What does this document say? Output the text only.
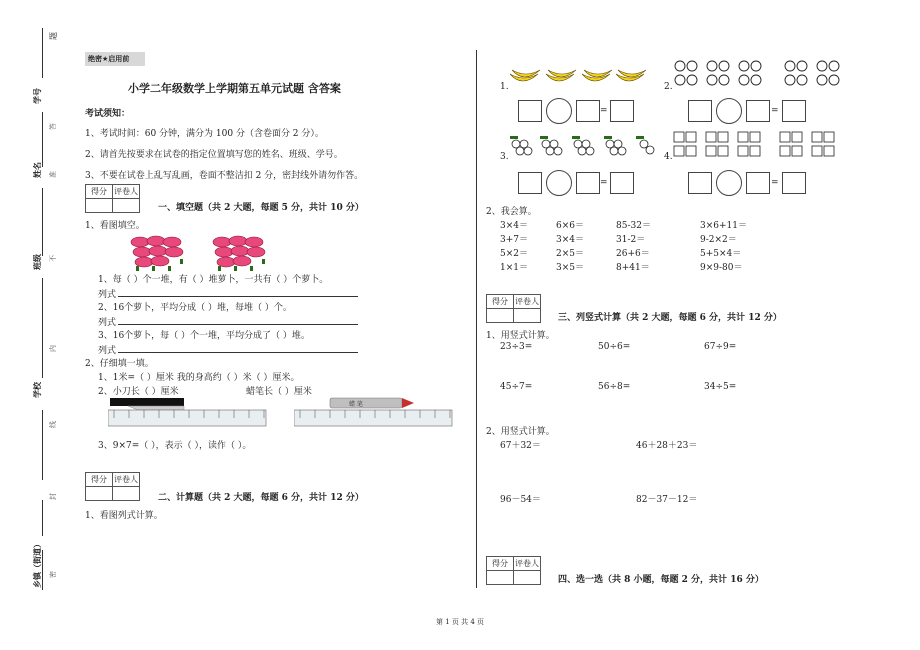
题
学号
答
姓名 准
不
班级
内
学校
线
封
乡镇（街道） 密
绝密★启用前
小学二年级数学上学期第五单元试题 含答案
考试须知：
1、考试时间：60 分钟，满分为 100 分（含卷面分 2 分）。
2、请首先按要求在试卷的指定位置填写您的姓名、班级、学号。
3、不要在试卷上乱写乱画，卷面不整洁扣 2 分，密封线外请勿作答。
得分	评卷人

一、填空题（共 2 大题，每题 5 分，共计 10 分）
1、看图填空。
1、每（ ）个一堆，有（ ）堆萝卜，一共有（ ）个萝卜。
列式
2、16个萝卜，平均分成（ ）堆，每堆（ ）个。
列式
3、16个萝卜，每（ ）个一堆，平均分成了（ ）堆。
列式
2、仔细填一填。
1、1米=（ ）厘米 我的身高约（ ）米（ ）厘米。
2、小刀长（ ）厘米	蜡笔长（ ）厘米
蜡 笔
3、9×7=（ ），表示（ ），读作（ ）。
得分	评卷人

二、计算题（共 2 大题，每题 6 分，共计 12 分）
1、看图列式计算。
1.	2.
=	=
3.	4.
=	=
2、我会算。
3×4＝	6×6＝	85-32＝	3×6+11＝
3+7＝	3×4＝	31-2＝	9-2×2＝
5×2＝	2×5＝	26+6＝	5+5×4＝
1×1＝	3×5＝	8+41＝	9×9-80＝
得分	评卷人

三、列竖式计算（共 2 大题，每题 6 分，共计 12 分）
1、用竖式计算。
23÷3=	50÷6=	67÷9=
45÷7=	56÷8=	34÷5=
2、用竖式计算。
67＋32＝	46＋28＋23＝
96－54＝	82－37－12＝
得分	评卷人

四、选一选（共 8 小题，每题 2 分，共计 16 分）
第 1 页 共 4 页
